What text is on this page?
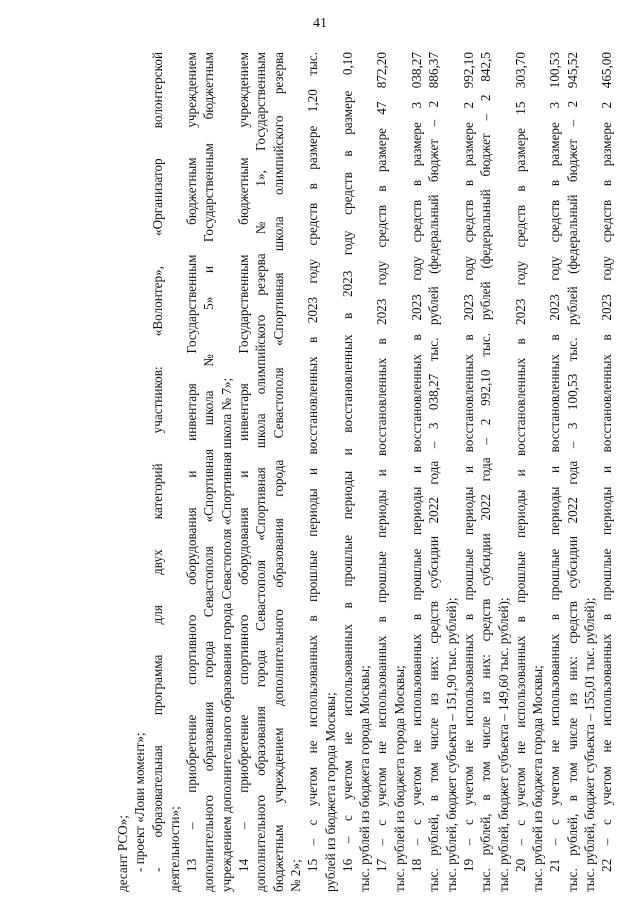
41
десант РСО»; - проект «Лови момент»; - образовательная программа для двух категорий участников: «Волонтер», «Организатор волонтерской деятельности»; 13 – приобретение спортивного оборудования и инвентаря Государственным бюджетным учреждением дополнительного образования города Севастополя «Спортивная школа № 5» и Государственным бюджетным учреждением дополнительного образования города Севастополя «Спортивная школа № 7»; 14 – приобретение спортивного оборудования и инвентаря Государственным бюджетным учреждением дополнительного образования города Севастополя «Спортивная школа олимпийского резерва № 1», Государственным бюджетным учреждением дополнительного образования города Севастополя «Спортивная школа олимпийского резерва № 2»;
15 – с учетом не использованных в прошлые периоды и восстановленных в 2023 году средств в размере 1,20 тыс. рублей из бюджета города Москвы; 16 – с учетом не использованных в прошлые периоды и восстановленных в 2023 году средств в размере 0,10 тыс. рублей из бюджета города Москвы; 17 – с учетом не использованных в прошлые периоды и восстановленных в 2023 году средств в размере 47 872,20 тыс. рублей из бюджета города Москвы; 18 – с учетом не использованных в прошлые периоды и восстановленных в 2023 году средств в размере 3 038,27 тыс. рублей, в том числе из них: средств субсидии 2022 года – 3 038,27 тыс. рублей (федеральный бюджет – 2 886,37 тыс. рублей, бюджет субъекта – 151,90 тыс. рублей); 19 – с учетом не использованных в прошлые периоды и восстановленных в 2023 году средств в размере 2 992,10 тыс. рублей, в том числе из них: средств субсидии 2022 года – 2 992,10 тыс. рублей (федеральный бюджет – 2 842,5 тыс. рублей, бюджет субъекта – 149,60 тыс. рублей); 20 – с учетом не использованных в прошлые периоды и восстановленных в 2023 году средств в размере 15 303,70 тыс. рублей из бюджета города Москвы; 21 – с учетом не использованных в прошлые периоды и восстановленных в 2023 году средств в размере 3 100,53 тыс. рублей, в том числе из них: средств субсидии 2022 года – 3 100,53 тыс. рублей (федеральный бюджет – 2 945,52 тыс. рублей, бюджет субъекта – 155,01 тыс. рублей); 22 – с учетом не использованных в прошлые периоды и восстановленных в 2023 году средств в размере 2 465,00
